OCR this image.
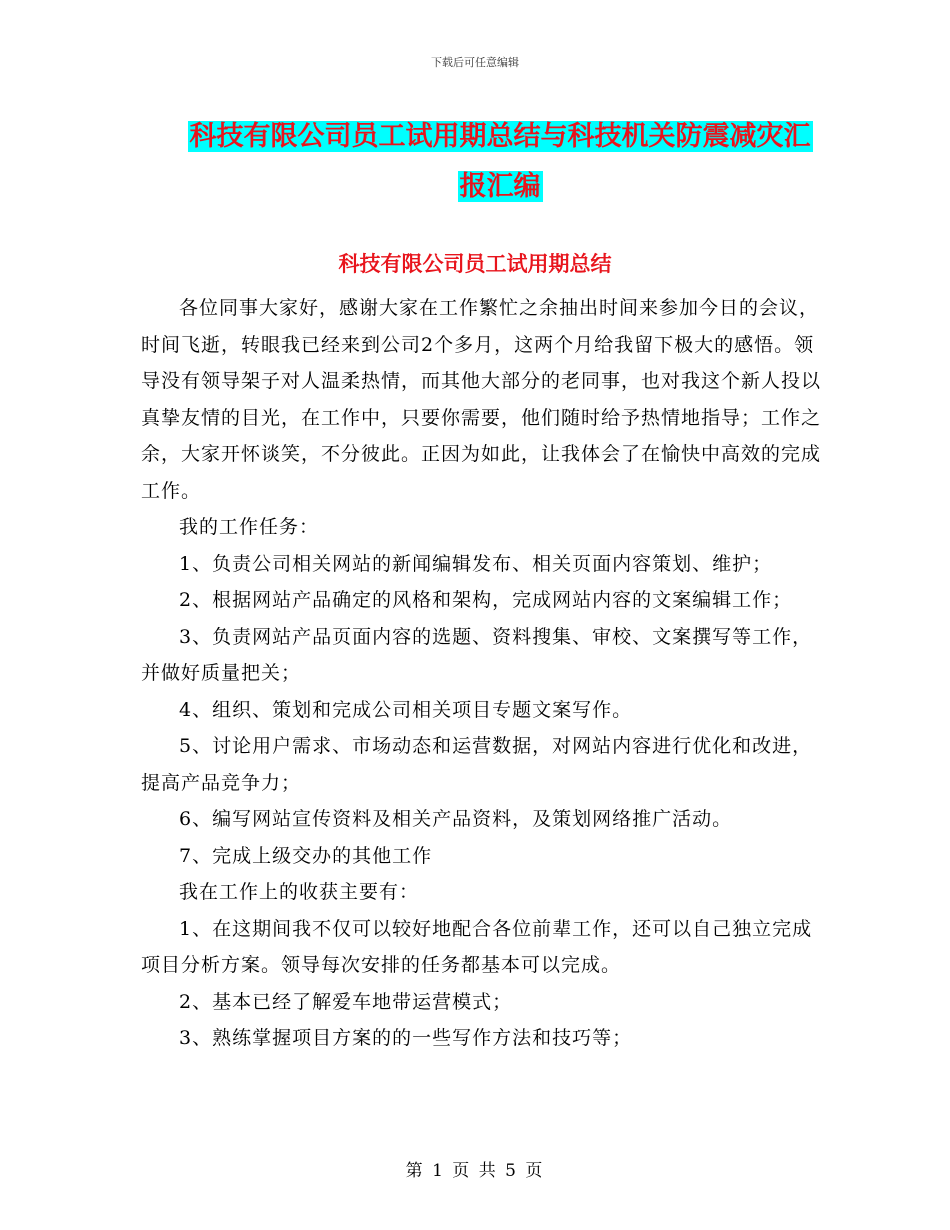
下载后可任意编辑
科技有限公司员工试用期总结与科技机关防震减灾汇
报汇编
科技有限公司员工试用期总结

各位同事大家好，感谢大家在工作繁忙之余抽出时间来参加今日的会议，时间飞逝，转眼我已经来到公司2个多月，这两个月给我留下极大的感悟。领导没有领导架子对人温柔热情，而其他大部分的老同事，也对我这个新人投以真挚友情的目光，在工作中，只要你需要，他们随时给予热情地指导；工作之余，大家开怀谈笑，不分彼此。正因为如此，让我体会了在愉快中高效的完成工作。

我的工作任务：

1、负责公司相关网站的新闻编辑发布、相关页面内容策划、维护；

2、根据网站产品确定的风格和架构，完成网站内容的文案编辑工作；

3、负责网站产品页面内容的选题、资料搜集、审校、文案撰写等工作，并做好质量把关；

4、组织、策划和完成公司相关项目专题文案写作。

5、讨论用户需求、市场动态和运营数据，对网站内容进行优化和改进，提高产品竞争力；

6、编写网站宣传资料及相关产品资料，及策划网络推广活动。

7、完成上级交办的其他工作

我在工作上的收获主要有：

1、在这期间我不仅可以较好地配合各位前辈工作，还可以自己独立完成项目分析方案。领导每次安排的任务都基本可以完成。

2、基本已经了解爱车地带运营模式；

3、熟练掌握项目方案的的一些写作方法和技巧等；

第 1 页 共 5 页
